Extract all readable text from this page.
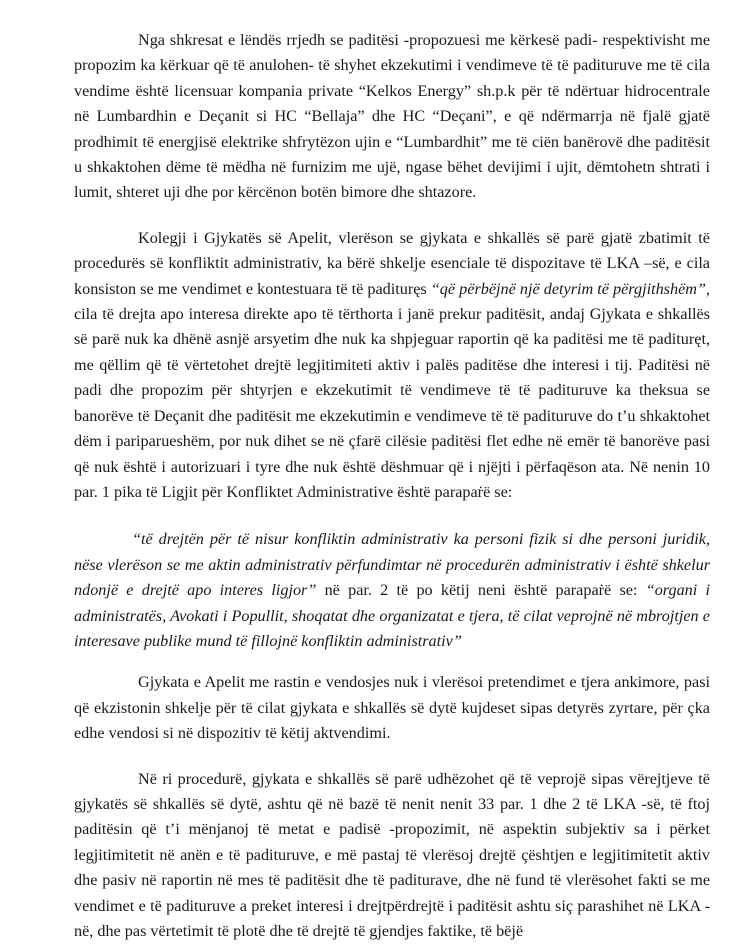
Nga shkresat e lëndës rrjedh se paditësi -propozuesi me kërkesë padi- respektivisht me propozim ka kërkuar që të anulohen- të shyhet ekzekutimi i vendimeve të të padituruve me të cila vendime është licensuar kompania private “Kelkos Energy” sh.p.k për të ndërtuar hidrocentrale në Lumbardhin e Deçanit si HC “Bellaja” dhe HC “Deçani”, e që ndërmarrja në fjalë gjatë prodhimit të energjisë elektrike shfrytëzon ujin e “Lumbardhit” me të ciën banërovë dhe paditësit u shkaktohen dëme të mëdha në furnizim me ujë, ngase bëhet devijimi i ujit, dëmtohetn shtrati i lumit, shteret uji dhe por kërcënon botën bimore dhe shtazore.

Kolegji i Gjykatës së Apelit, vlerëson se gjykata e shkallës së parë gjatë zbatimit të procedurës së konfliktit administrativ, ka bërë shkelje esenciale të dispozitave të LKA –së, e cila konsiston se me vendimet e kontestuara të të padituręs “që përbëjnë një detyrim të përgjithshëm”, cila të drejta apo interesa direkte apo të tërthorta i janë prekur paditësit, andaj Gjykata e shkallës së parë nuk ka dhënë asnjë arsyetim dhe nuk ka shpjeguar raportin që ka paditësi me të padituręt, me qëllim që të vërtetohet drejtë legjitimiteti aktiv i palës paditëse dhe interesi i tij. Paditësi në padi dhe propozim për shtyrjen e ekzekutimit të vendimeve të të padituruve ka theksua se banorëve të Deçanit dhe paditësit me ekzekutimin e vendimeve të të padituruve do t’u shkaktohet dëm i pariparueshëm, por nuk dihet se në çfarë cilësie paditësi flet edhe në emër të banorëve pasi që nuk është i autorizuari i tyre dhe nuk është dëshmuar që i njëjti i përfaqëson ata. Në nenin 10 par. 1 pika të Ligjit për Konfliktet Administrative është parapaṙë se:

“të drejtën për të nisur konfliktin administrativ ka personi fizik si dhe personi juridik, nëse vlerëson se me aktin administrativ përfundimtar në procedurën administrativ i është shkelur ndonjë e drejtë apo interes ligjor” në par. 2 të po këtij neni është parapaṙë se: “organi i administratës, Avokati i Popullit, shoqatat dhe organizatat e tjera, të cilat veprojnë në mbrojtjen e interesave publike mund të fillojnë konfliktin administrativ”

Gjykata e Apelit me rastin e vendosjes nuk i vlerësoi pretendimet e tjera ankimore, pasi që ekzistonin shkelje për të cilat gjykata e shkallës së dytë kujdeset sipas detyrës zyrtare, për çka edhe vendosi si në dispozitiv të këtij aktvendimi.

Në ri procedurë, gjykata e shkallës së parë udhëzohet që të veprojë sipas vërejtjeve të gjykatës së shkallës së dytë, ashtu që në bazë të nenit nenit 33 par. 1 dhe 2 të LKA -së, të ftoj paditësin që t’i mënjanoj të metat e padisë -propozimit, në aspektin subjektiv sa i përket legjitimitetit në anën e të padituruve, e më pastaj të vlerësoj drejtë çështjen e legjitimitetit aktiv dhe pasiv në raportin në mes të paditësit dhe të paditurave, dhe në fund të vlerësohet fakti se me vendimet e të padituruve a preket interesi i drejtpërdrejtë i paditësit ashtu siç parashihet në LKA -në, dhe pas vërtetimit të plotë dhe të drejtë të gjendjes faktike, të bëjë
